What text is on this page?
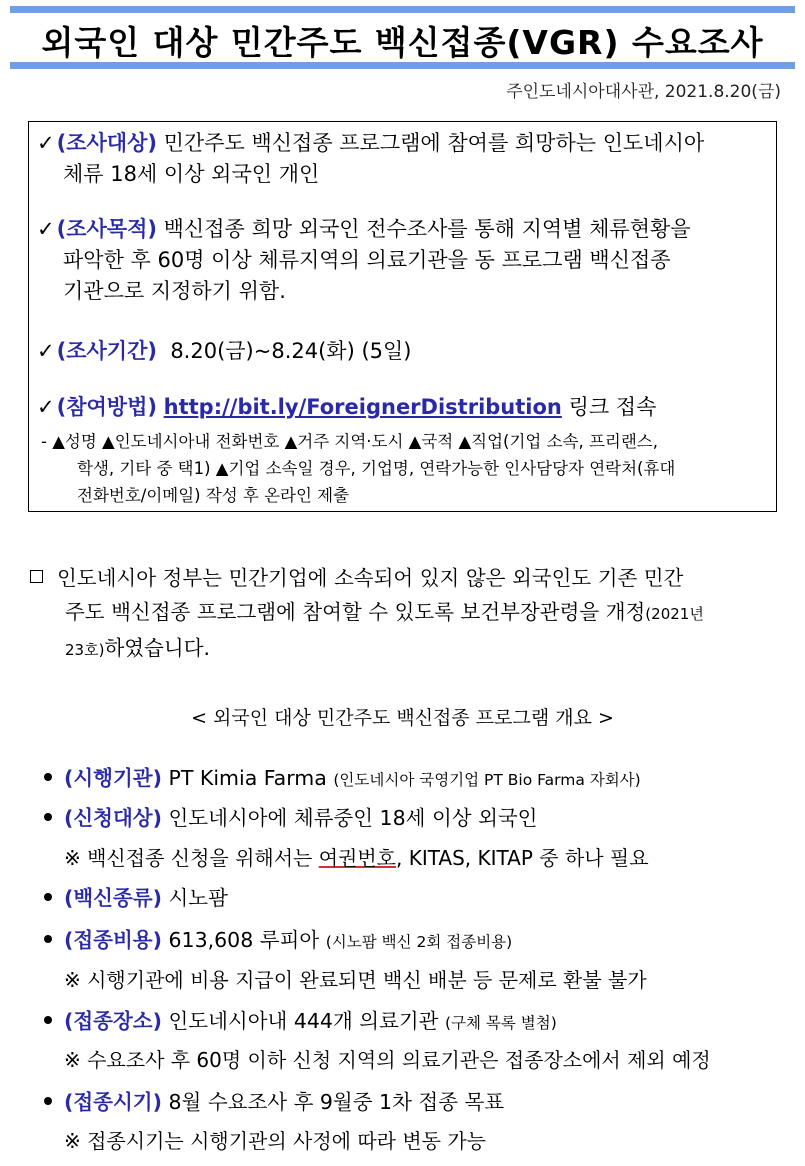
외국인 대상 민간주도 백신접종(VGR) 수요조사
주인도네시아대사관, 2021.8.20(금)
✓(조사대상) 민간주도 백신접종 프로그램에 참여를 희망하는 인도네시아
체류 18세 이상 외국인 개인
✓(조사목적) 백신접종 희망 외국인 전수조사를 통해 지역별 체류현황을
파악한 후 60명 이상 체류지역의 의료기관을 동 프로그램 백신접종
기관으로 지정하기 위함.
✓(조사기간) 8.20(금)~8.24(화) (5일)
✓(참여방법) http://bit.ly/ForeignerDistribution 링크 접속
- ▲성명 ▲인도네시아내 전화번호 ▲거주 지역·도시 ▲국적 ▲직업(기업 소속, 프리랜스,
학생, 기타 중 택1) ▲기업 소속일 경우, 기업명, 연락가능한 인사담당자 연락처(휴대
전화번호/이메일) 작성 후 온라인 제출
인도네시아 정부는 민간기업에 소속되어 있지 않은 외국인도 기존 민간
주도 백신접종 프로그램에 참여할 수 있도록 보건부장관령을 개정(2021년
23호)하였습니다.
< 외국인 대상 민간주도 백신접종 프로그램 개요 >
(시행기관) PT Kimia Farma (인도네시아 국영기업 PT Bio Farma 자회사)
(신청대상) 인도네시아에 체류중인 18세 이상 외국인
※ 백신접종 신청을 위해서는 여권번호, KITAS, KITAP 중 하나 필요
(백신종류) 시노팜
(접종비용) 613,608 루피아 (시노팜 백신 2회 접종비용)
※ 시행기관에 비용 지급이 완료되면 백신 배분 등 문제로 환불 불가
(접종장소) 인도네시아내 444개 의료기관 (구체 목록 별첨)
※ 수요조사 후 60명 이하 신청 지역의 의료기관은 접종장소에서 제외 예정
(접종시기) 8월 수요조사 후 9월중 1차 접종 목표
※ 접종시기는 시행기관의 사정에 따라 변동 가능
